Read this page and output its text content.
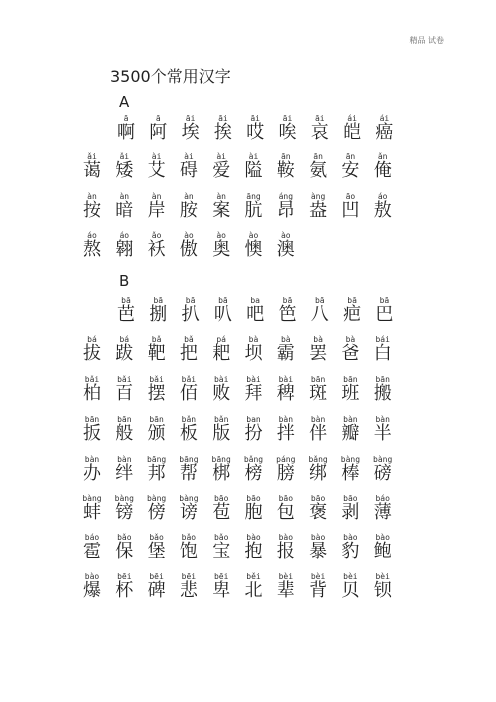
精品 试卷
3500个常用汉字
A
B
ā
啊
ā
阿
āi
埃
āi
挨
āi
哎
āi
唉
āi
哀
ái
皑
ái
癌
ǎi
蔼
ǎi
矮
ài
艾
ài
碍
ài
爱
ài
隘
ān
鞍
ān
氨
ān
安
ǎn
俺
àn
按
àn
暗
àn
岸
àn
胺
àn
案
āng
肮
áng
昂
àng
盎
āo
凹
áo
敖
áo
熬
áo
翱
ǎo
袄
ào
傲
ào
奥
ào
懊
ào
澳
bā
芭
bā
捌
bā
扒
bā
叭
ba
吧
bā
笆
bā
八
bā
疤
bā
巴
bá
拔
bá
跋
bǎ
靶
bǎ
把
pá
耙
bà
坝
bà
霸
bà
罢
bà
爸
bái
白
bǎi
柏
bǎi
百
bǎi
摆
bǎi
佰
bài
败
bài
拜
bài
稗
bān
斑
bān
班
bān
搬
bān
扳
bān
般
bān
颁
bǎn
板
bǎn
版
ban
扮
bàn
拌
bàn
伴
bàn
瓣
bàn
半
bàn
办
bàn
绊
bāng
邦
bāng
帮
bāng
梆
bǎng
榜
páng
膀
bǎng
绑
bàng
棒
bàng
磅
bàng
蚌
bàng
镑
bàng
傍
bàng
谤
bāo
苞
bāo
胞
bāo
包
bāo
褒
bāo
剥
báo
薄
báo
雹
bǎo
保
bǎo
堡
bǎo
饱
bǎo
宝
bào
抱
bào
报
bào
暴
bào
豹
bào
鲍
bào
爆
bēi
杯
bēi
碑
bēi
悲
bēi
卑
běi
北
bèi
辈
bèi
背
bèi
贝
bèi
钡
